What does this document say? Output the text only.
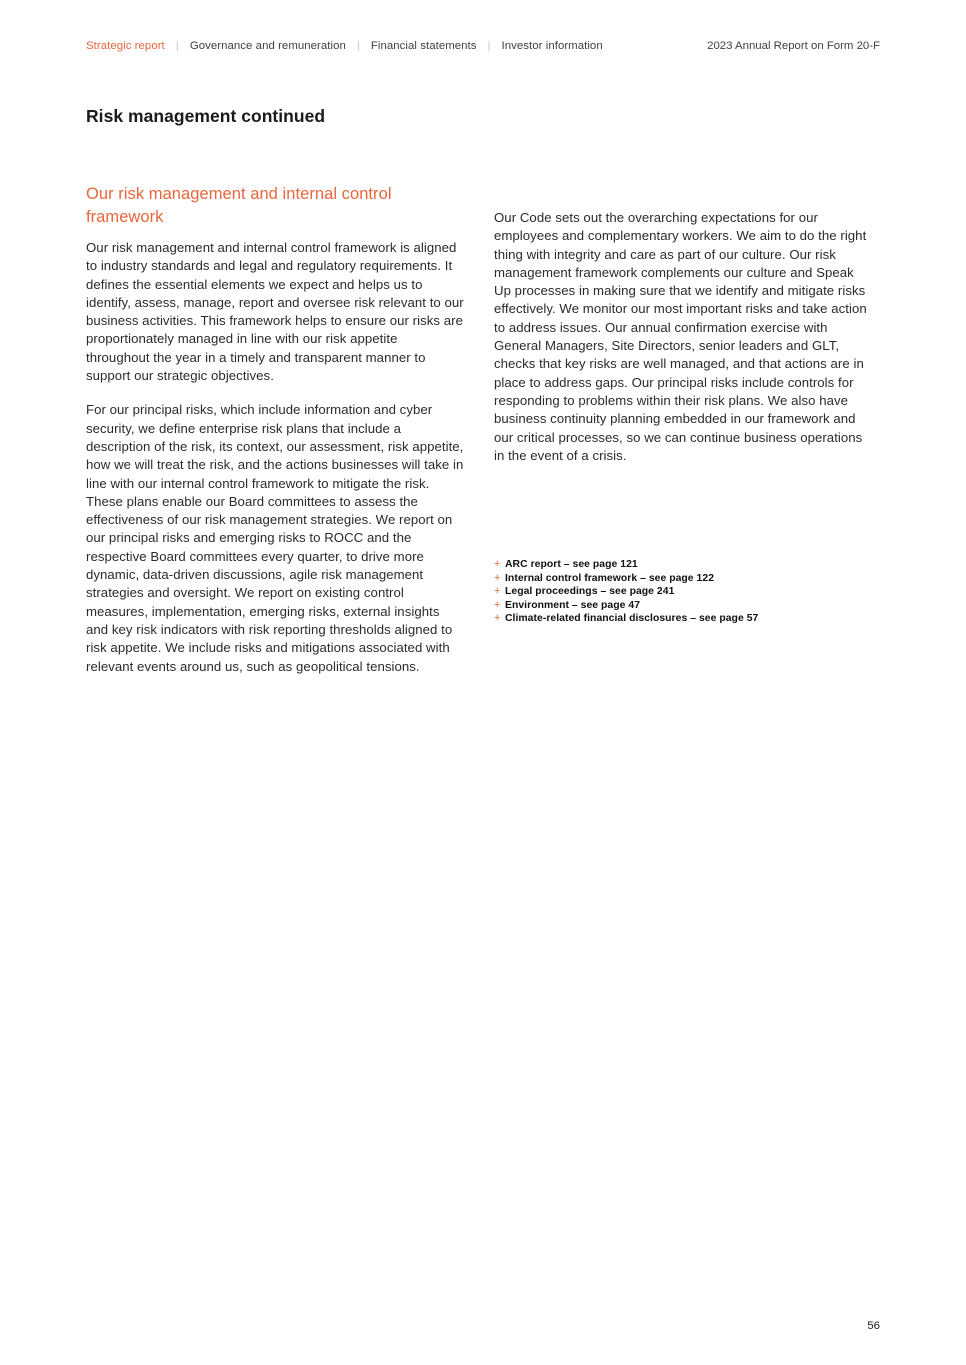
Strategic report | Governance and remuneration | Financial statements | Investor information	2023 Annual Report on Form 20-F
Risk management continued
Our risk management and internal control framework

Our risk management and internal control framework is aligned to industry standards and legal and regulatory requirements. It defines the essential elements we expect and helps us to identify, assess, manage, report and oversee risk relevant to our business activities. This framework helps to ensure our risks are proportionately managed in line with our risk appetite throughout the year in a timely and transparent manner to support our strategic objectives.

For our principal risks, which include information and cyber security, we define enterprise risk plans that include a description of the risk, its context, our assessment, risk appetite, how we will treat the risk, and the actions businesses will take in line with our internal control framework to mitigate the risk. These plans enable our Board committees to assess the effectiveness of our risk management strategies. We report on our principal risks and emerging risks to ROCC and the respective Board committees every quarter, to drive more dynamic, data-driven discussions, agile risk management strategies and oversight. We report on existing control measures, implementation, emerging risks, external insights and key risk indicators with risk reporting thresholds aligned to risk appetite. We include risks and mitigations associated with relevant events around us, such as geopolitical tensions.

Our Code sets out the overarching expectations for our employees and complementary workers. We aim to do the right thing with integrity and care as part of our culture. Our risk management framework complements our culture and Speak Up processes in making sure that we identify and mitigate risks effectively. We monitor our most important risks and take action to address issues. Our annual confirmation exercise with General Managers, Site Directors, senior leaders and GLT, checks that key risks are well managed, and that actions are in place to address gaps. Our principal risks include controls for responding to problems within their risk plans. We also have business continuity planning embedded in our framework and our critical processes, so we can continue business operations in the event of a crisis.

+ ARC report – see page 121
+ Internal control framework – see page 122
+ Legal proceedings – see page 241
+ Environment – see page 47
+ Climate-related financial disclosures – see page 57
56
